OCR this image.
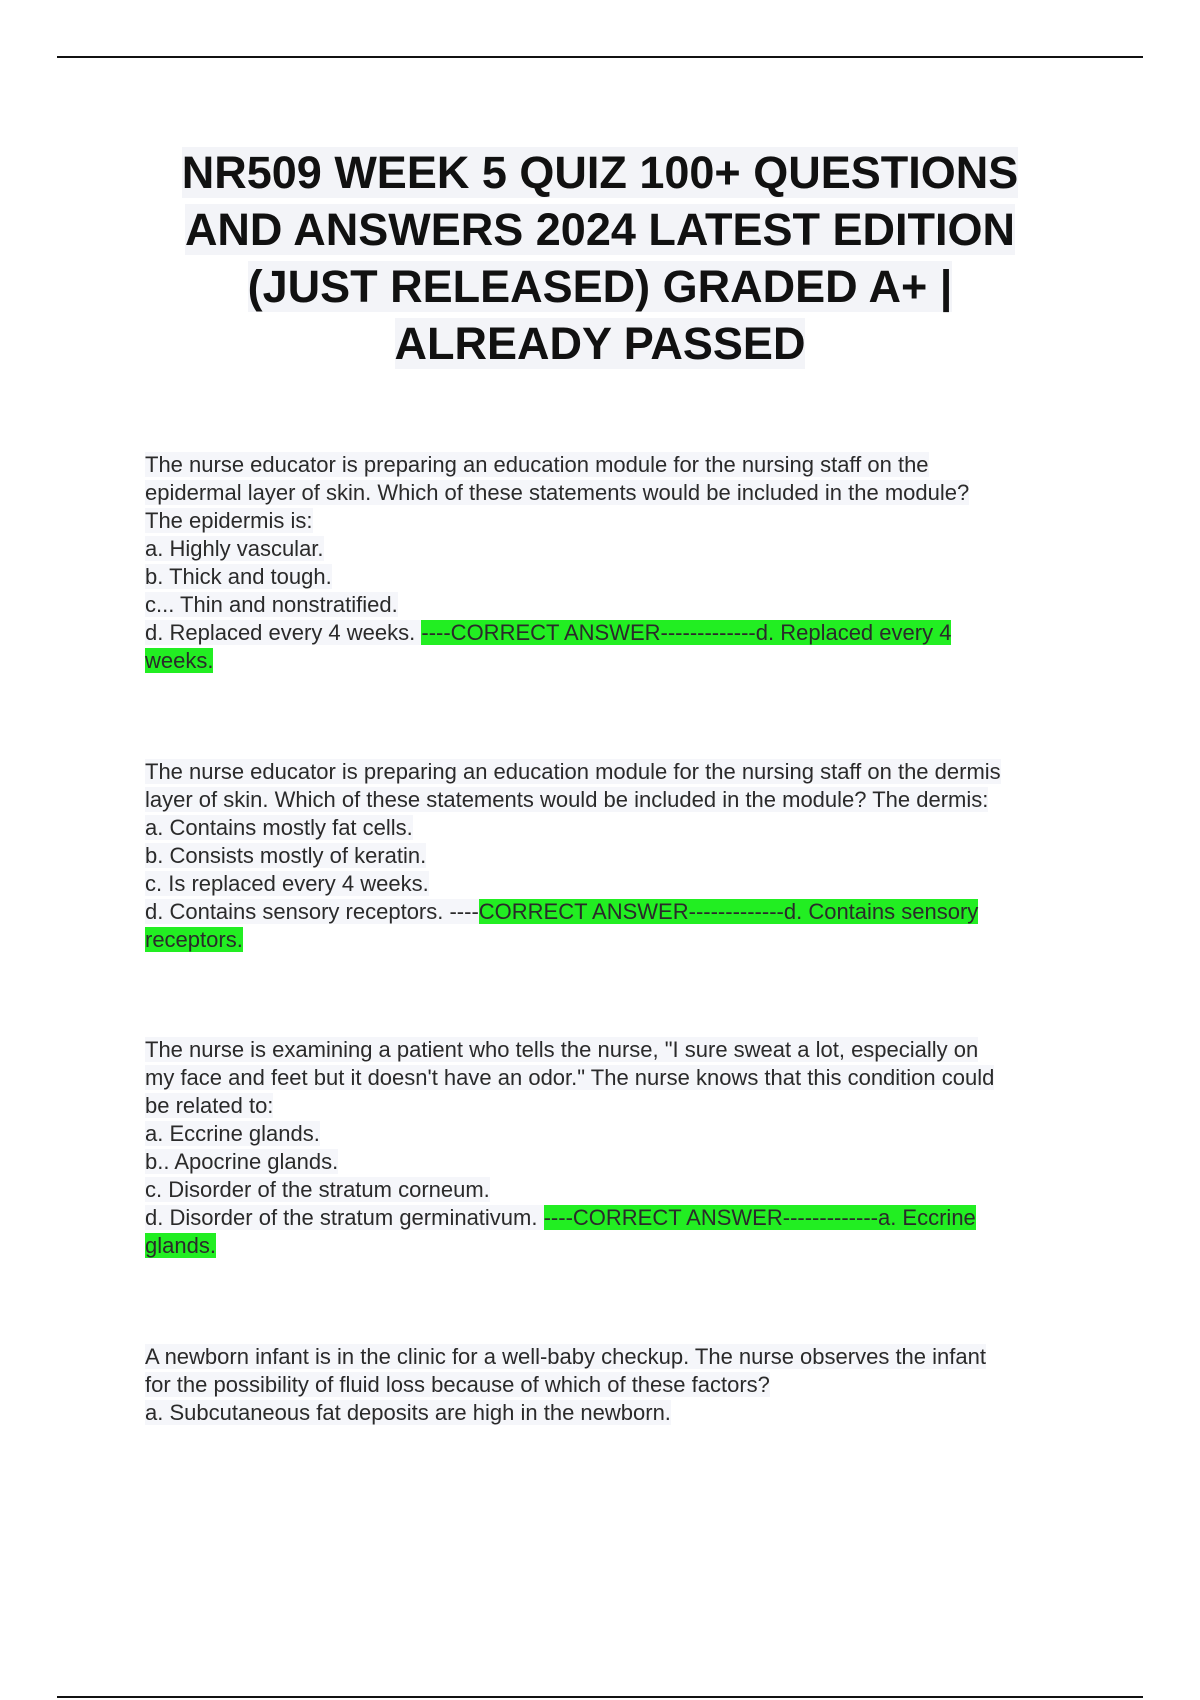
NR509 WEEK 5 QUIZ 100+ QUESTIONS
AND ANSWERS 2024 LATEST EDITION
(JUST RELEASED) GRADED A+ |
ALREADY PASSED
The nurse educator is preparing an education module for the nursing staff on the
epidermal layer of skin. Which of these statements would be included in the module?
The epidermis is:
a. Highly vascular.
b. Thick and tough.
c... Thin and nonstratified.
d. Replaced every 4 weeks. ----CORRECT ANSWER-------------d. Replaced every 4
weeks.
The nurse educator is preparing an education module for the nursing staff on the dermis
layer of skin. Which of these statements would be included in the module? The dermis:
a. Contains mostly fat cells.
b. Consists mostly of keratin.
c. Is replaced every 4 weeks.
d. Contains sensory receptors. ----CORRECT ANSWER-------------d. Contains sensory
receptors.
The nurse is examining a patient who tells the nurse, "I sure sweat a lot, especially on
my face and feet but it doesn't have an odor." The nurse knows that this condition could
be related to:
a. Eccrine glands.
b.. Apocrine glands.
c. Disorder of the stratum corneum.
d. Disorder of the stratum germinativum. ----CORRECT ANSWER-------------a. Eccrine
glands.
A newborn infant is in the clinic for a well-baby checkup. The nurse observes the infant
for the possibility of fluid loss because of which of these factors?
a. Subcutaneous fat deposits are high in the newborn.
